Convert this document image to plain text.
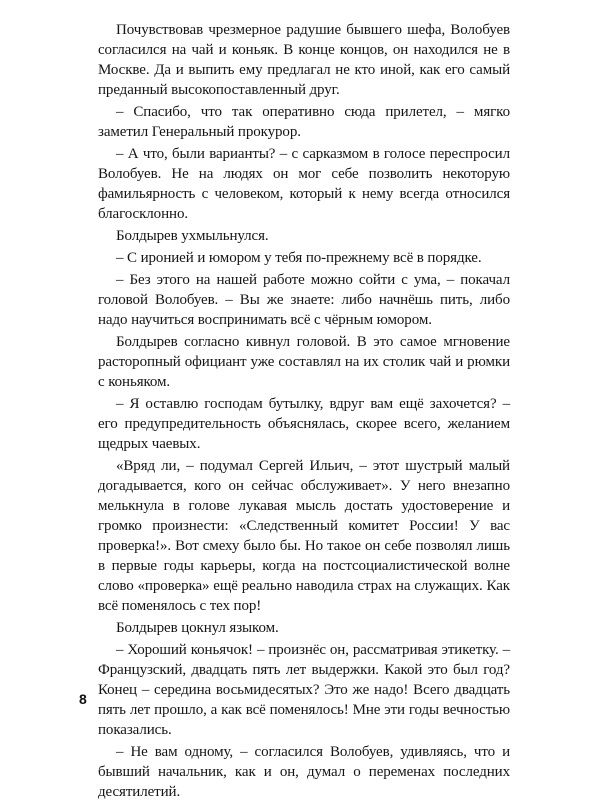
Почувствовав чрезмерное радушие бывшего шефа, Волобуев согласился на чай и коньяк. В конце концов, он находился не в Москве. Да и выпить ему предлагал не кто иной, как его самый преданный высокопоставленный друг.

– Спасибо, что так оперативно сюда прилетел, – мягко заметил Генеральный прокурор.

– А что, были варианты? – с сарказмом в голосе переспросил Волобуев. Не на людях он мог себе позволить некоторую фамильярность с человеком, который к нему всегда относился благосклонно.

Болдырев ухмыльнулся.

– С иронией и юмором у тебя по-прежнему всё в порядке.

– Без этого на нашей работе можно сойти с ума, – покачал головой Волобуев. – Вы же знаете: либо начнёшь пить, либо надо научиться воспринимать всё с чёрным юмором.

Болдырев согласно кивнул головой. В это самое мгновение расторопный официант уже составлял на их столик чай и рюмки с коньяком.

– Я оставлю господам бутылку, вдруг вам ещё захочется? – его предупредительность объяснялась, скорее всего, желанием щедрых чаевых.

«Вряд ли, – подумал Сергей Ильич, – этот шустрый малый догадывается, кого он сейчас обслуживает». У него внезапно мелькнула в голове лукавая мысль достать удостоверение и громко произнести: «Следственный комитет России! У вас проверка!». Вот смеху было бы. Но такое он себе позволял лишь в первые годы карьеры, когда на постсоциалистической волне слово «проверка» ещё реально наводила страх на служащих. Как всё поменялось с тех пор!

Болдырев цокнул языком.

– Хороший коньячок! – произнёс он, рассматривая этикетку. – Французский, двадцать пять лет выдержки. Какой это был год? Конец – середина восьмидесятых? Это же надо! Всего двадцать пять лет прошло, а как всё поменялось! Мне эти годы вечностью показались.

– Не вам одному, – согласился Волобуев, удивляясь, что и бывший начальник, как и он, думал о переменах последних десятилетий.

8
